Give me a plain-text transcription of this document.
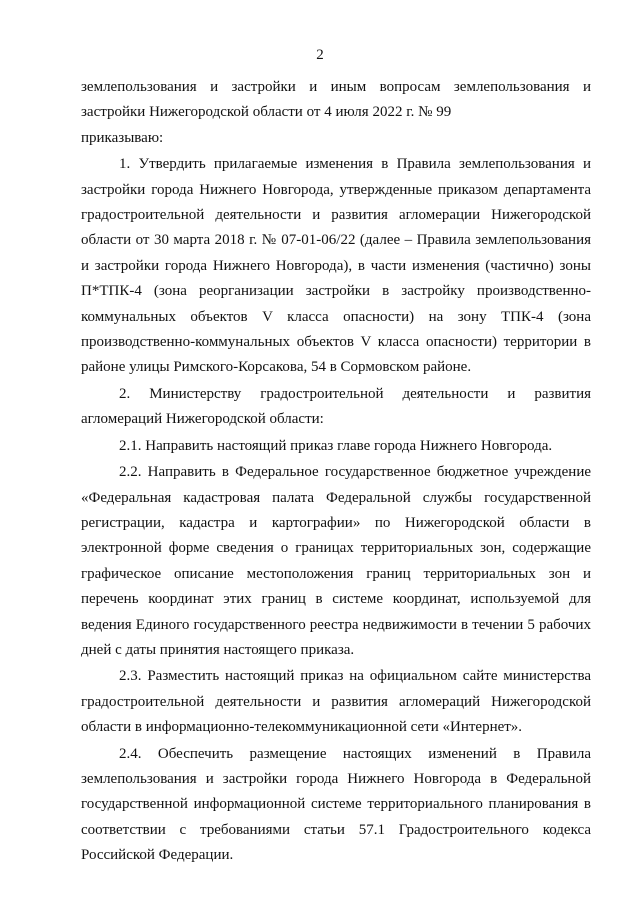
2

землепользования и застройки и иным вопросам землепользования и застройки Нижегородской области от 4 июля 2022 г. № 99

приказываю:

1. Утвердить прилагаемые изменения в Правила землепользования и застройки города Нижнего Новгорода, утвержденные приказом департамента градостроительной деятельности и развития агломерации Нижегородской области от 30 марта 2018 г. № 07-01-06/22 (далее – Правила землепользования и застройки города Нижнего Новгорода), в части изменения (частично) зоны П*ТПК-4 (зона реорганизации застройки в застройку производственно-коммунальных объектов V класса опасности) на зону ТПК-4 (зона производственно-коммунальных объектов V класса опасности) территории в районе улицы Римского-Корсакова, 54 в Сормовском районе.

2. Министерству градостроительной деятельности и развития агломераций Нижегородской области:

2.1. Направить настоящий приказ главе города Нижнего Новгорода.

2.2. Направить в Федеральное государственное бюджетное учреждение «Федеральная кадастровая палата Федеральной службы государственной регистрации, кадастра и картографии» по Нижегородской области в электронной форме сведения о границах территориальных зон, содержащие графическое описание местоположения границ территориальных зон и перечень координат этих границ в системе координат, используемой для ведения Единого государственного реестра недвижимости в течении 5 рабочих дней с даты принятия настоящего приказа.

2.3. Разместить настоящий приказ на официальном сайте министерства градостроительной деятельности и развития агломераций Нижегородской области в информационно-телекоммуникационной сети «Интернет».

2.4. Обеспечить размещение настоящих изменений в Правила землепользования и застройки города Нижнего Новгорода в Федеральной государственной информационной системе территориального планирования в соответствии с требованиями статьи 57.1 Градостроительного кодекса Российской Федерации.
